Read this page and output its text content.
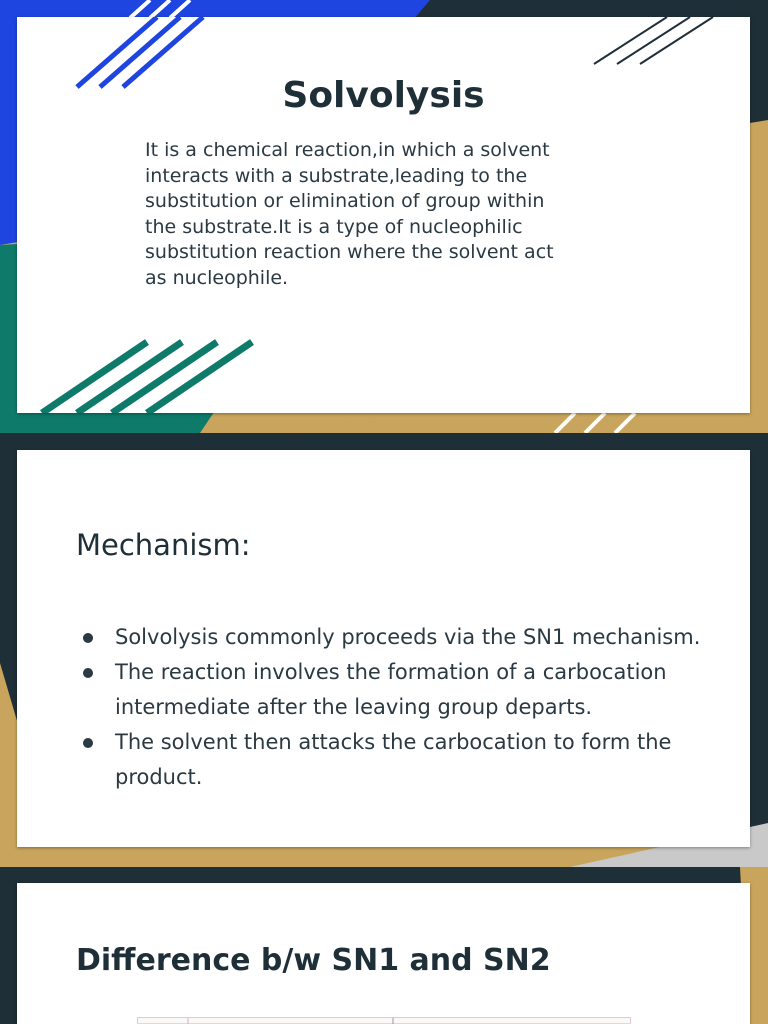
Solvolysis

It is a chemical reaction,in which a solvent interacts with a substrate,leading to the substitution or elimination of group within the substrate.It is a type of nucleophilic substitution reaction where the solvent act as nucleophile.

Mechanism:
Solvolysis commonly proceeds via the SN1 mechanism.
The reaction involves the formation of a carbocation intermediate after the leaving group departs.
The solvent then attacks the carbocation to form the product.
Difference b/w SN1 and SN2
